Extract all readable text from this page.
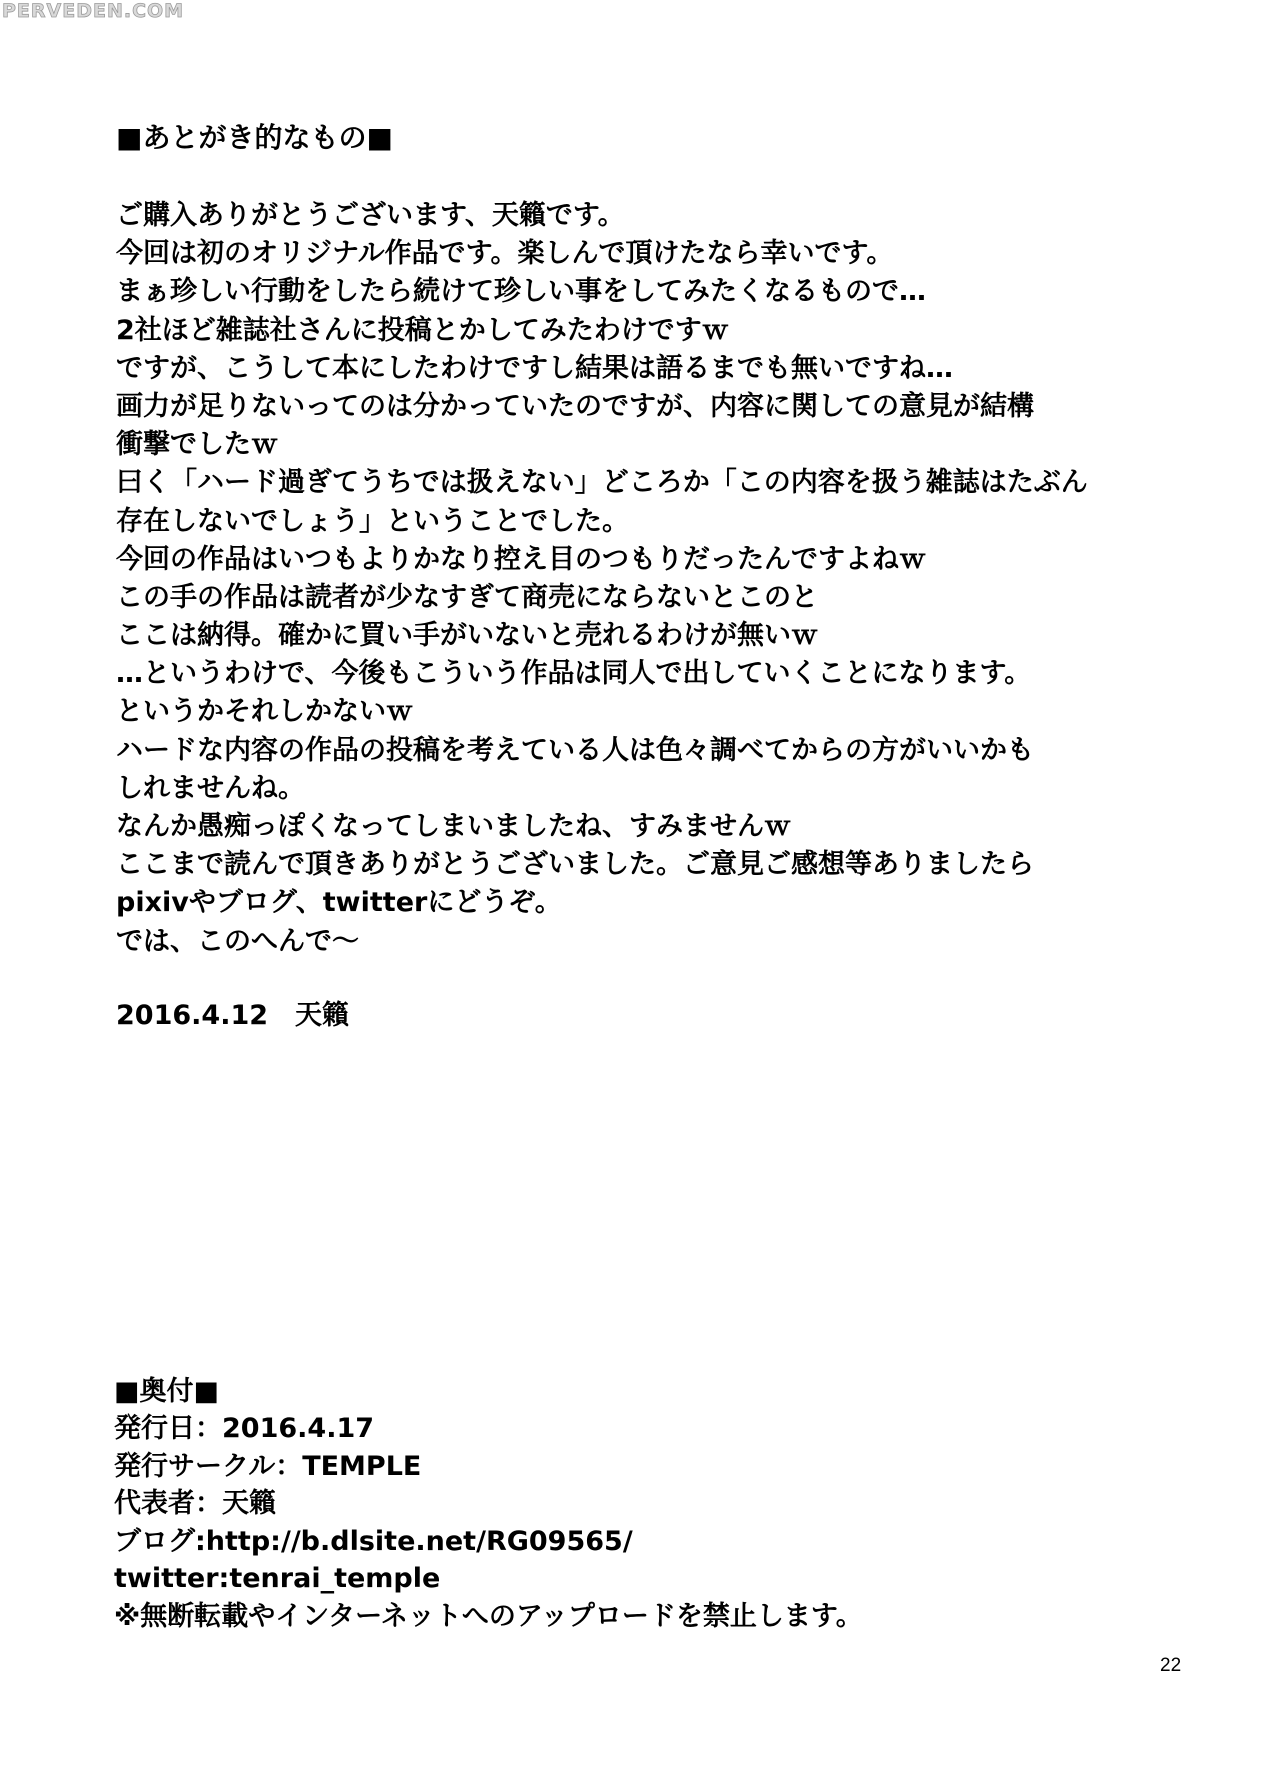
PERVEDEN.COM
■あとがき的なもの■
ご購入ありがとうございます、天籟です。
今回は初のオリジナル作品です。楽しんで頂けたなら幸いです。
まぁ珍しい行動をしたら続けて珍しい事をしてみたくなるもので…
2社ほど雑誌社さんに投稿とかしてみたわけですｗ
ですが、こうして本にしたわけですし結果は語るまでも無いですね…
画力が足りないってのは分かっていたのですが、内容に関しての意見が結構
衝撃でしたｗ
曰く「ハード過ぎてうちでは扱えない」どころか「この内容を扱う雑誌はたぶん
存在しないでしょう」ということでした。
今回の作品はいつもよりかなり控え目のつもりだったんですよねｗ
この手の作品は読者が少なすぎて商売にならないとこのと
ここは納得。確かに買い手がいないと売れるわけが無いｗ
…というわけで、今後もこういう作品は同人で出していくことになります。
というかそれしかないｗ
ハードな内容の作品の投稿を考えている人は色々調べてからの方がいいかも
しれませんね。
なんか愚痴っぽくなってしまいましたね、すみませんｗ
ここまで読んで頂きありがとうございました。ご意見ご感想等ありましたら
pixivやブログ、twitterにどうぞ。
では、このへんで～
2016.4.12　天籟
■奥付■
発行日：2016.4.17
発行サークル：TEMPLE
代表者：天籟
ブログ:http://b.dlsite.net/RG09565/
twitter:tenrai_temple
※無断転載やインターネットへのアップロードを禁止します。
22
